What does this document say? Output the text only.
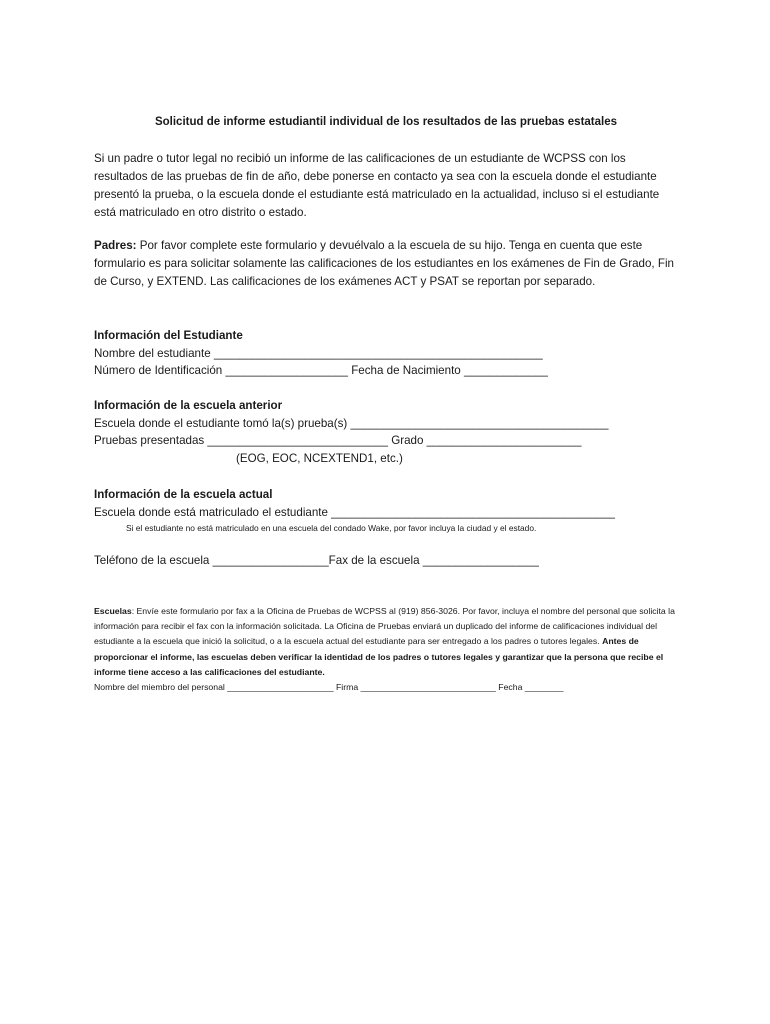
Solicitud de informe estudiantil individual de los resultados de las pruebas estatales

Si un padre o tutor legal no recibió un informe de las calificaciones de un estudiante de WCPSS con los resultados de las pruebas de fin de año, debe ponerse en contacto ya sea con la escuela donde el estudiante presentó la prueba, o la escuela donde el estudiante está matriculado en la actualidad, incluso si el estudiante está matriculado en otro distrito o estado.

Padres: Por favor complete este formulario y devuélvalo a la escuela de su hijo. Tenga en cuenta que este formulario es para solicitar solamente las calificaciones de los estudiantes en los exámenes de Fin de Grado, Fin de Curso, y EXTEND. Las calificaciones de los exámenes ACT y PSAT se reportan por separado.

Información del Estudiante
Nombre del estudiante ___________________________________________________
Número de Identificación ___________________ Fecha de Nacimiento _____________
Información de la escuela anterior
Escuela donde el estudiante tomó la(s) prueba(s) ________________________________________
Pruebas presentadas ____________________________ Grado ________________________
(EOG, EOC, NCEXTEND1, etc.)
Información de la escuela actual
Escuela donde está matriculado el estudiante ____________________________________________
Si el estudiante no está matriculado en una escuela del condado Wake, por favor incluya la ciudad y el estado.
Teléfono de la escuela __________________Fax de la escuela __________________

Escuelas: Envíe este formulario por fax a la Oficina de Pruebas de WCPSS al (919) 856-3026. Por favor, incluya el nombre del personal que solicita la información para recibir el fax con la información solicitada. La Oficina de Pruebas enviará un duplicado del informe de calificaciones individual del estudiante a la escuela que inició la solicitud, o a la escuela actual del estudiante para ser entregado a los padres o tutores legales. Antes de proporcionar el informe, las escuelas deben verificar la identidad de los padres o tutores legales y garantizar que la persona que recibe el informe tiene acceso a las calificaciones del estudiante.

Nombre del miembro del personal ______________________ Firma ____________________________ Fecha ________
